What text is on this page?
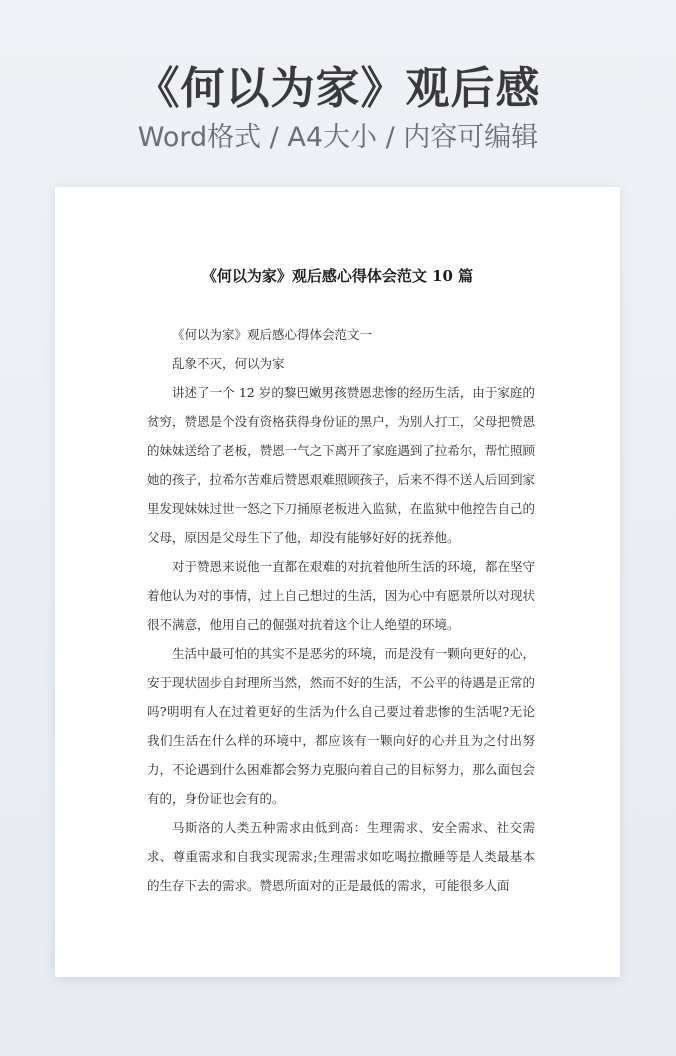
《何以为家》观后感
Word格式 / A4大小 / 内容可编辑
《何以为家》观后感心得体会范文 10 篇

《何以为家》观后感心得体会范文一

乱象不灭，何以为家

讲述了一个 12 岁的黎巴嫩男孩赞恩悲惨的经历生活，由于家庭的贫穷，赞恩是个没有资格获得身份证的黑户，为别人打工，父母把赞恩的妹妹送给了老板，赞恩一气之下离开了家庭遇到了拉希尔，帮忙照顾她的孩子，拉希尔苦难后赞恩艰难照顾孩子，后来不得不送人后回到家里发现妹妹过世一怒之下刀捅原老板进入监狱，在监狱中他控告自己的父母，原因是父母生下了他，却没有能够好好的抚养他。

对于赞恩来说他一直都在艰难的对抗着他所生活的环境，都在坚守着他认为对的事情，过上自己想过的生活，因为心中有愿景所以对现状很不满意，他用自己的倔强对抗着这个让人绝望的环境。

生活中最可怕的其实不是恶劣的环境，而是没有一颗向更好的心，安于现状固步自封理所当然，然而不好的生活，不公平的待遇是正常的吗?明明有人在过着更好的生活为什么自己要过着悲惨的生活呢?无论我们生活在什么样的环境中，都应该有一颗向好的心并且为之付出努力，不论遇到什么困难都会努力克服向着自己的目标努力，那么面包会有的，身份证也会有的。

马斯洛的人类五种需求由低到高：生理需求、安全需求、社交需求、尊重需求和自我实现需求;生理需求如吃喝拉撒睡等是人类最基本的生存下去的需求。赞恩所面对的正是最低的需求，可能很多人面
